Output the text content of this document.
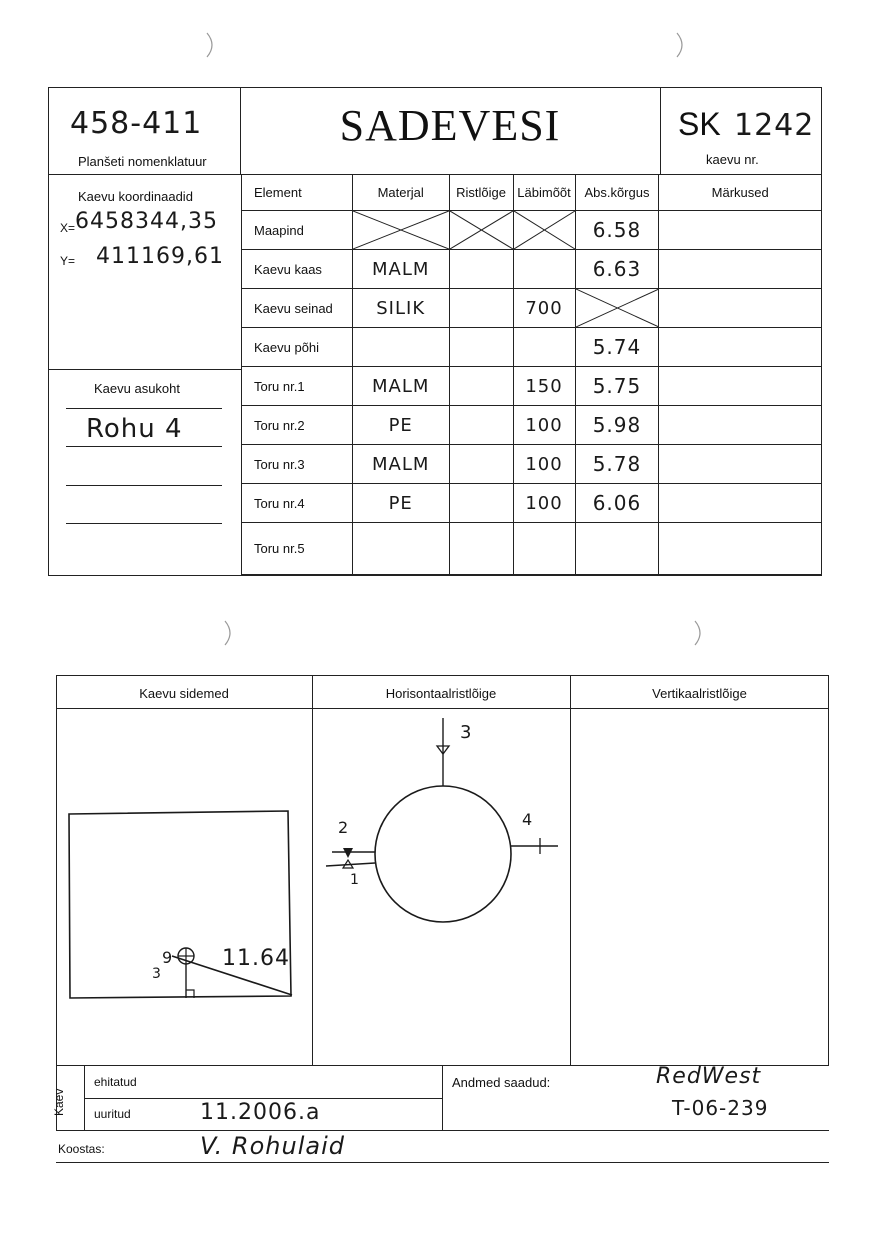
458-411
Planšeti nomenklatuur
SADEVESI	SK 1242
kaevu nr.
Kaevu koordinaadid
X= 6458344,35
Y= 411169,61
Kaevu asukoht
Rohu 4
Element	Materjal	Ristlõige	Läbimõõt	Abs.kõrgus	Märkused
Maapind				6.58	
Kaevu kaas	MALM			6.63	
Kaevu seinad	SILIK		700	

Kaevu põhi				5.74	
Toru nr.1	MALM		150	5.75	
Toru nr.2	PE		100	5.98	
Toru nr.3	MALM		100	5.78	
Toru nr.4	PE		100	6.06	
Toru nr.5					
Kaevu sidemed	Horisontaalristlõige	Vertikaalristlõige
11.64
9
3
1
2
3
4
Kaev
ehitatud
uuritud	11.2006.a
Andmed saadud:	RedWest
T-06-239
Koostas:	V. Rohulaid
